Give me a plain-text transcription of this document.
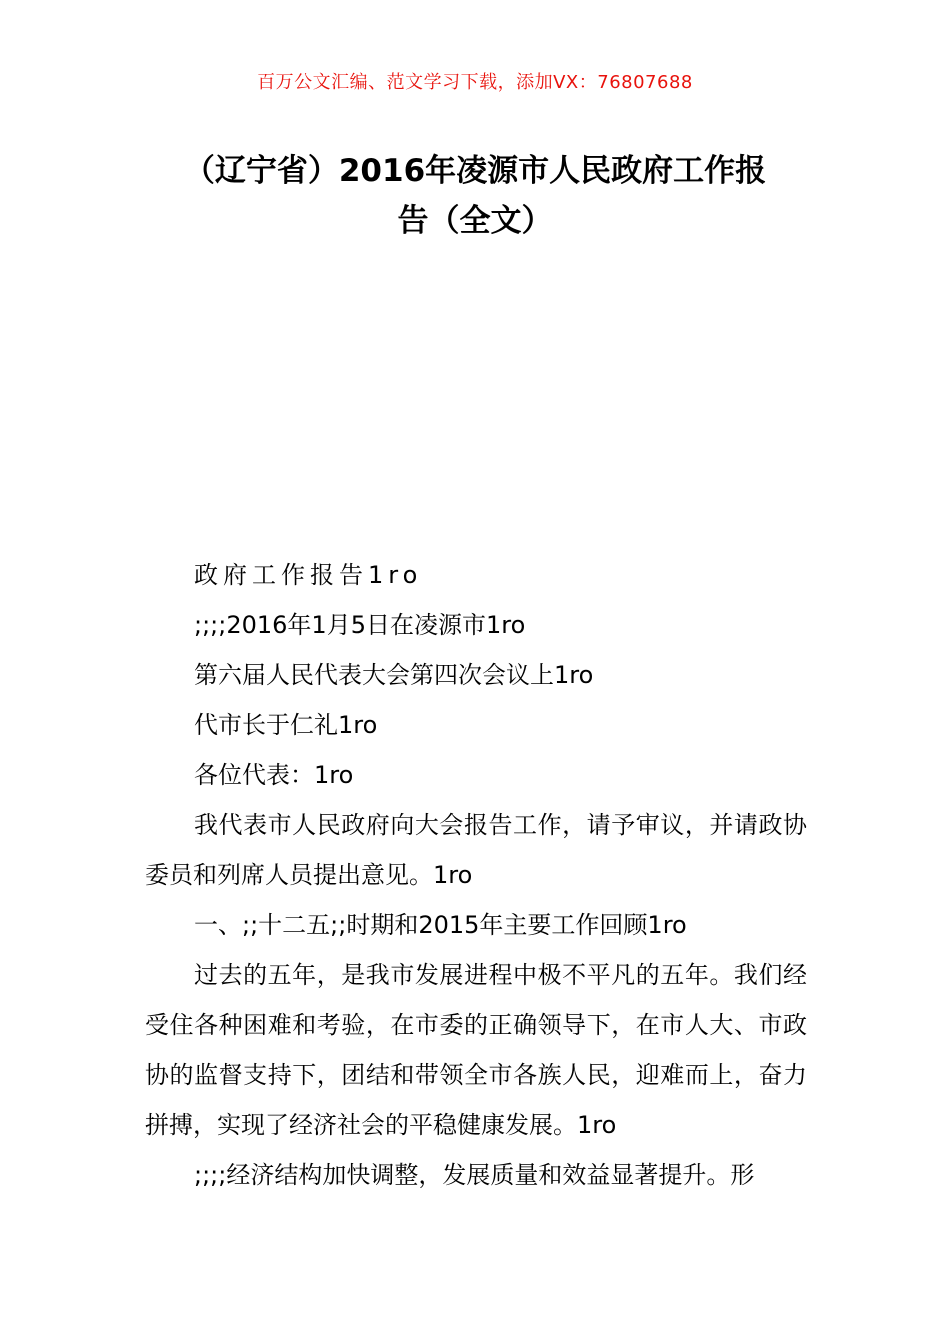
百万公文汇编、范文学习下载，添加VX：76807688
（辽宁省）2016年凌源市人民政府工作报
告（全文）

政府工作报告1ro

;;;;2016年1月5日在凌源市1ro

第六届人民代表大会第四次会议上1ro

代市长于仁礼1ro

各位代表：1ro

我代表市人民政府向大会报告工作，请予审议，并请政协委员和列席人员提出意见。1ro

一、;;十二五;;时期和2015年主要工作回顾1ro

过去的五年，是我市发展进程中极不平凡的五年。我们经受住各种困难和考验，在市委的正确领导下，在市人大、市政协的监督支持下，团结和带领全市各族人民，迎难而上，奋力拼搏，实现了经济社会的平稳健康发展。1ro

;;;;经济结构加快调整，发展质量和效益显著提升。形
